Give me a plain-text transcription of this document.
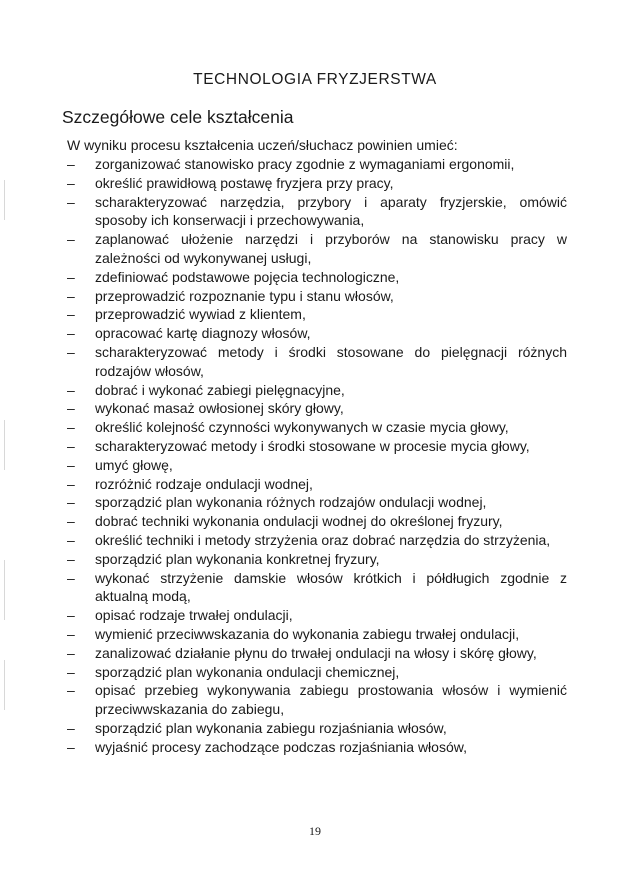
TECHNOLOGIA FRYZJERSTWA
Szczegółowe cele kształcenia
W wyniku procesu kształcenia uczeń/słuchacz powinien umieć:
– zorganizować stanowisko pracy zgodnie z wymaganiami ergonomii,
– określić prawidłową postawę fryzjera przy pracy,
– scharakteryzować narzędzia, przybory i aparaty fryzjerskie, omówić sposoby ich konserwacji i przechowywania,
– zaplanować ułożenie narzędzi i przyborów na stanowisku pracy w zależności od wykonywanej usługi,
– zdefiniować podstawowe pojęcia technologiczne,
– przeprowadzić rozpoznanie typu i stanu włosów,
– przeprowadzić wywiad z klientem,
– opracować kartę diagnozy włosów,
– scharakteryzować metody i środki stosowane do pielęgnacji różnych rodzajów włosów,
– dobrać i wykonać zabiegi pielęgnacyjne,
– wykonać masaż owłosionej skóry głowy,
– określić kolejność czynności wykonywanych w czasie mycia głowy,
– scharakteryzować metody i środki stosowane w procesie mycia głowy,
– umyć głowę,
– rozróżnić rodzaje ondulacji wodnej,
– sporządzić plan wykonania różnych rodzajów ondulacji wodnej,
– dobrać techniki wykonania ondulacji wodnej do określonej fryzury,
– określić techniki i metody strzyżenia oraz dobrać narzędzia do strzyżenia,
– sporządzić plan wykonania konkretnej fryzury,
– wykonać strzyżenie damskie włosów krótkich i półdługich zgodnie z aktualną modą,
– opisać rodzaje trwałej ondulacji,
– wymienić przeciwwskazania do wykonania zabiegu trwałej ondulacji,
– zanalizować działanie płynu do trwałej ondulacji na włosy i skórę głowy,
– sporządzić plan wykonania ondulacji chemicznej,
– opisać przebieg wykonywania zabiegu prostowania włosów i wymienić przeciwwskazania do zabiegu,
– sporządzić plan wykonania zabiegu rozjaśniania włosów,
– wyjaśnić procesy zachodzące podczas rozjaśniania włosów,
19
